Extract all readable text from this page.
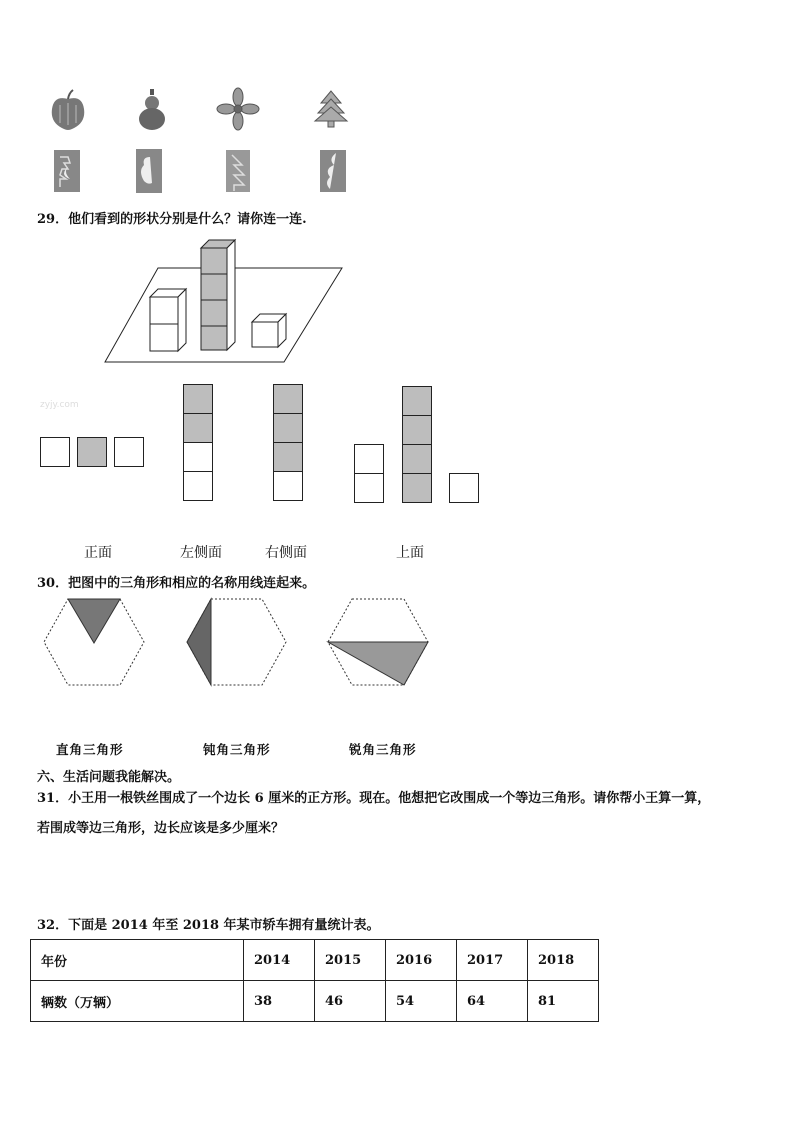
29．他们看到的形状分别是什么？请你连一连.
zyjy.com
正面	左侧面	右侧面	上面
30．把图中的三角形和相应的名称用线连起来。
直角三角形	钝角三角形	锐角三角形
六、生活问题我能解决。
31．小王用一根铁丝围成了一个边长 6 厘米的正方形。现在。他想把它改围成一个等边三角形。请你帮小王算一算，
若围成等边三角形，边长应该是多少厘米？
32．下面是 2014 年至 2018 年某市轿车拥有量统计表。
年份	2014	2015	2016	2017	2018
辆数（万辆）	38	46	54	64	81
